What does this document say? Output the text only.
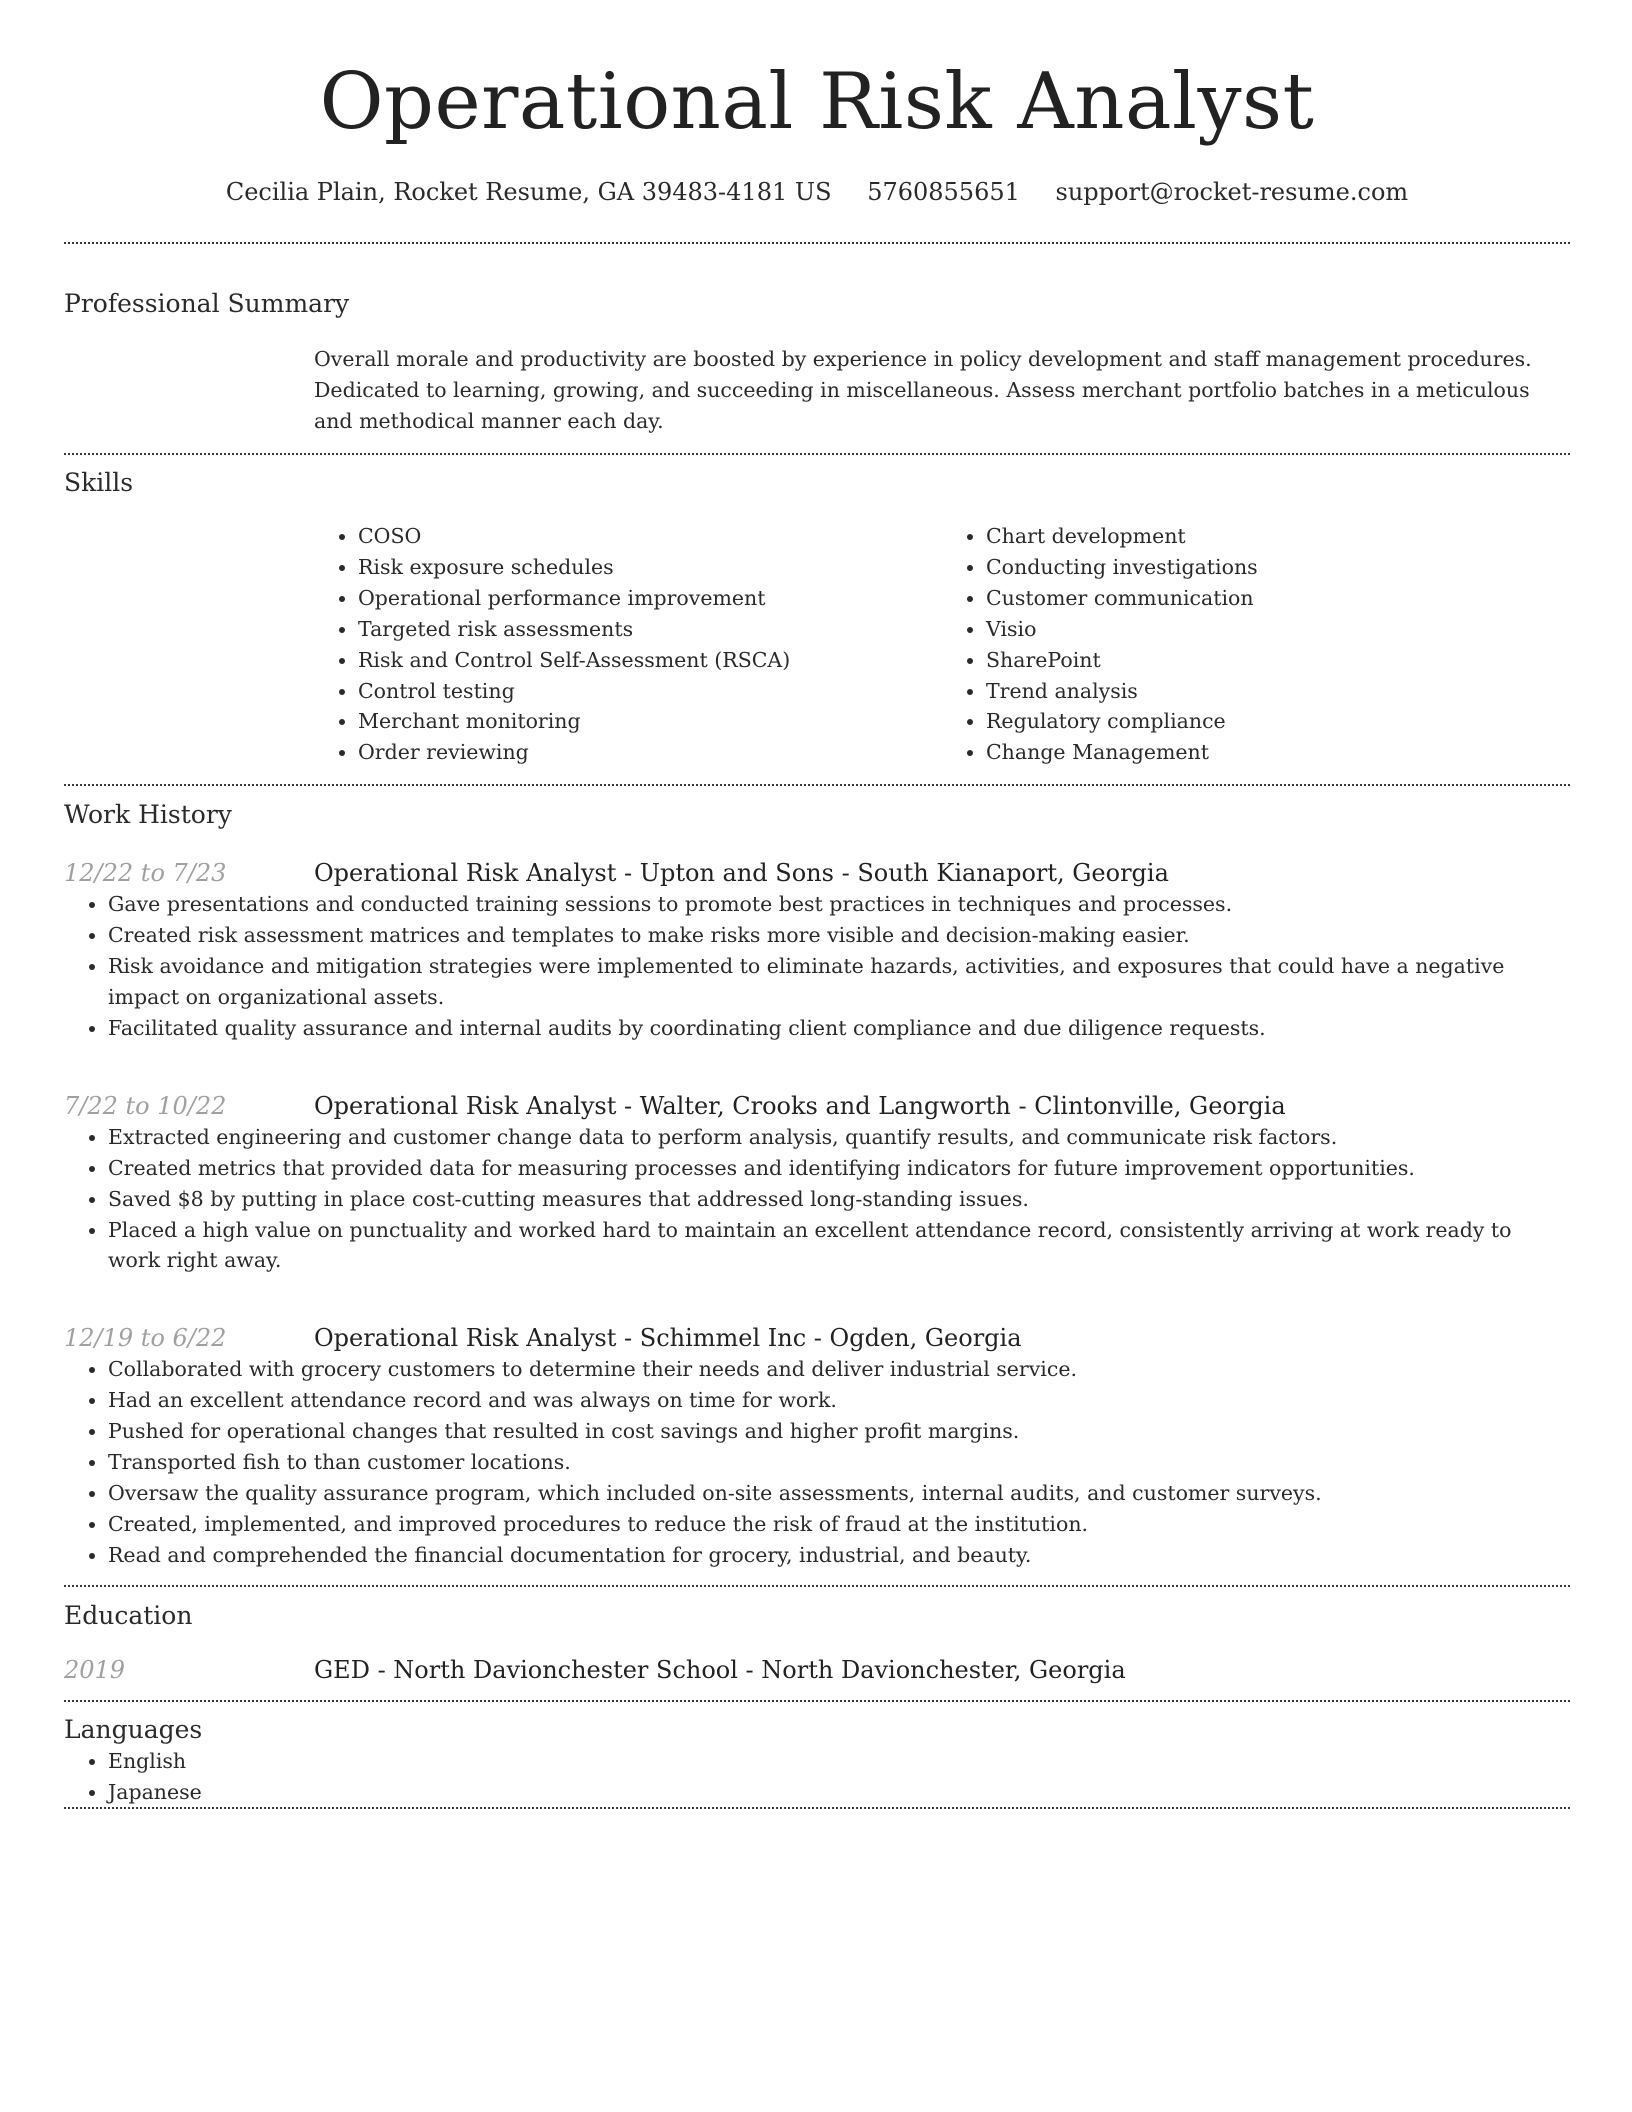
Operational Risk Analyst
Cecilia Plain, Rocket Resume, GA 39483-4181 US 5760855651 support@rocket-resume.com
Professional Summary

Overall morale and productivity are boosted by experience in policy development and staff management procedures. Dedicated to learning, growing, and succeeding in miscellaneous. Assess merchant portfolio batches in a meticulous and methodical manner each day.

Skills
• COSO
• Risk exposure schedules
• Operational performance improvement
• Targeted risk assessments
• Risk and Control Self-Assessment (RSCA)
• Control testing
• Merchant monitoring
• Order reviewing
• Chart development
• Conducting investigations
• Customer communication
• Visio
• SharePoint
• Trend analysis
• Regulatory compliance
• Change Management
Work History
12/22 to 7/23	Operational Risk Analyst - Upton and Sons - South Kianaport, Georgia
• Gave presentations and conducted training sessions to promote best practices in techniques and processes.
• Created risk assessment matrices and templates to make risks more visible and decision-making easier.
• Risk avoidance and mitigation strategies were implemented to eliminate hazards, activities, and exposures that could have a negative impact on organizational assets.
• Facilitated quality assurance and internal audits by coordinating client compliance and due diligence requests.
7/22 to 10/22	Operational Risk Analyst - Walter, Crooks and Langworth - Clintonville, Georgia
• Extracted engineering and customer change data to perform analysis, quantify results, and communicate risk factors.
• Created metrics that provided data for measuring processes and identifying indicators for future improvement opportunities.
• Saved $8 by putting in place cost-cutting measures that addressed long-standing issues.
• Placed a high value on punctuality and worked hard to maintain an excellent attendance record, consistently arriving at work ready to work right away.
12/19 to 6/22	Operational Risk Analyst - Schimmel Inc - Ogden, Georgia
• Collaborated with grocery customers to determine their needs and deliver industrial service.
• Had an excellent attendance record and was always on time for work.
• Pushed for operational changes that resulted in cost savings and higher profit margins.
• Transported fish to than customer locations.
• Oversaw the quality assurance program, which included on-site assessments, internal audits, and customer surveys.
• Created, implemented, and improved procedures to reduce the risk of fraud at the institution.
• Read and comprehended the financial documentation for grocery, industrial, and beauty.
Education
2019	GED - North Davionchester School - North Davionchester, Georgia
Languages
• English
• Japanese
